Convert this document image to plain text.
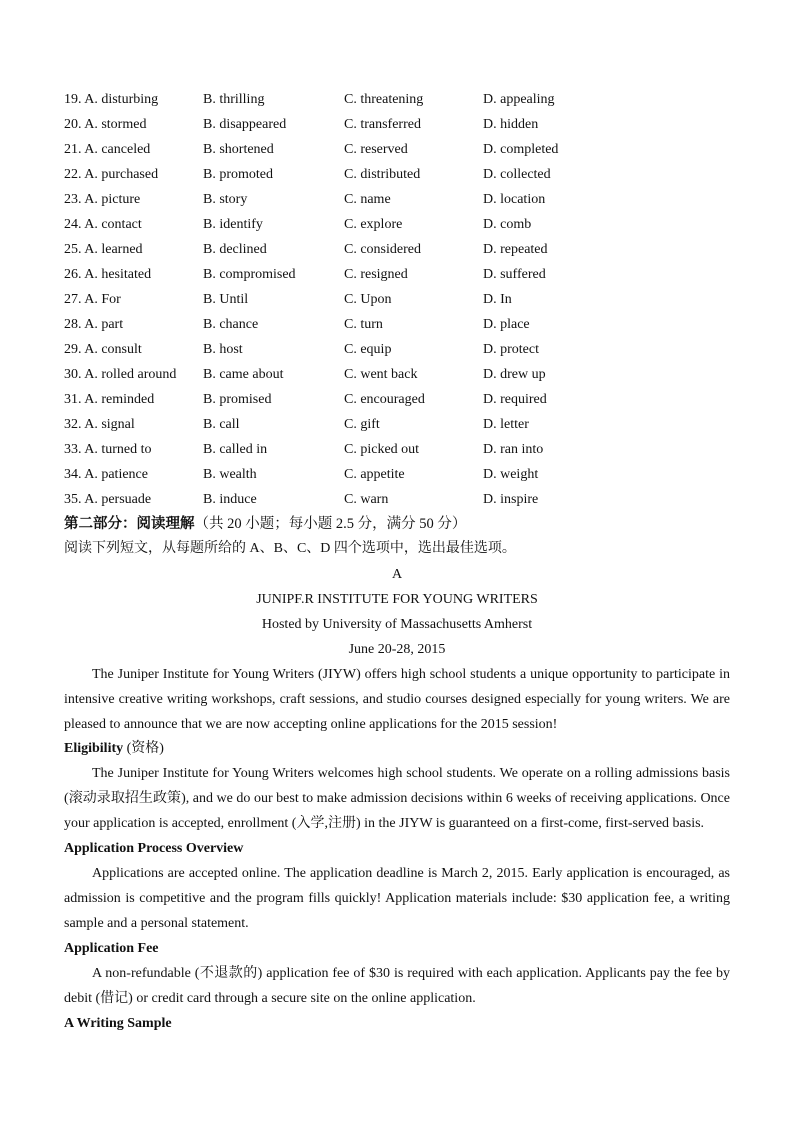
19. A. disturbing	B. thrilling	C. threatening	D. appealing
20. A. stormed	B. disappeared	C. transferred	D. hidden
21. A. canceled	B. shortened	C. reserved	D. completed
22. A. purchased	B. promoted	C. distributed	D. collected
23. A. picture	B. story	C. name	D. location
24. A. contact	B. identify	C. explore	D. comb
25. A. learned	B. declined	C. considered	D. repeated
26. A. hesitated	B. compromised	C. resigned	D. suffered
27. A. For	B. Until	C. Upon	D. In
28. A. part	B. chance	C. turn	D. place
29. A. consult	B. host	C. equip	D. protect
30. A. rolled around B. came about	C. went back	D. drew up
31. A. reminded	B. promised	C. encouraged	D. required
32. A. signal	B. call	C. gift	D. letter
33. A. turned to	B. called in	C. picked out	D. ran into
34. A. patience	B. wealth	C. appetite	D. weight
35. A. persuade	B. induce	C. warn	D. inspire
第二部分：阅读理解（共 20 小题；每小题 2.5 分，满分 50 分）
阅读下列短文，从每题所给的 A、B、C、D 四个选项中，选出最佳选项。
A
JUNIPF.R INSTITUTE FOR YOUNG WRITERS
Hosted by University of Massachusetts Amherst
June 20-28, 2015

The Juniper Institute for Young Writers (JIYW) offers high school students a unique opportunity to participate in intensive creative writing workshops, craft sessions, and studio courses designed especially for young writers. We are pleased to announce that we are now accepting online applications for the 2015 session!

Eligibility (资格)

The Juniper Institute for Young Writers welcomes high school students. We operate on a rolling admissions basis (滚动录取招生政策), and we do our best to make admission decisions within 6 weeks of receiving applications. Once your application is accepted, enrollment (入学,注册) in the JIYW is guaranteed on a first-come, first-served basis.

Application Process Overview

Applications are accepted online. The application deadline is March 2, 2015. Early application is encouraged, as admission is competitive and the program fills quickly! Application materials include: $30 application fee, a writing sample and a personal statement.

Application Fee

A non-refundable (不退款的) application fee of $30 is required with each application. Applicants pay the fee by debit (借记) or credit card through a secure site on the online application.

A Writing Sample
